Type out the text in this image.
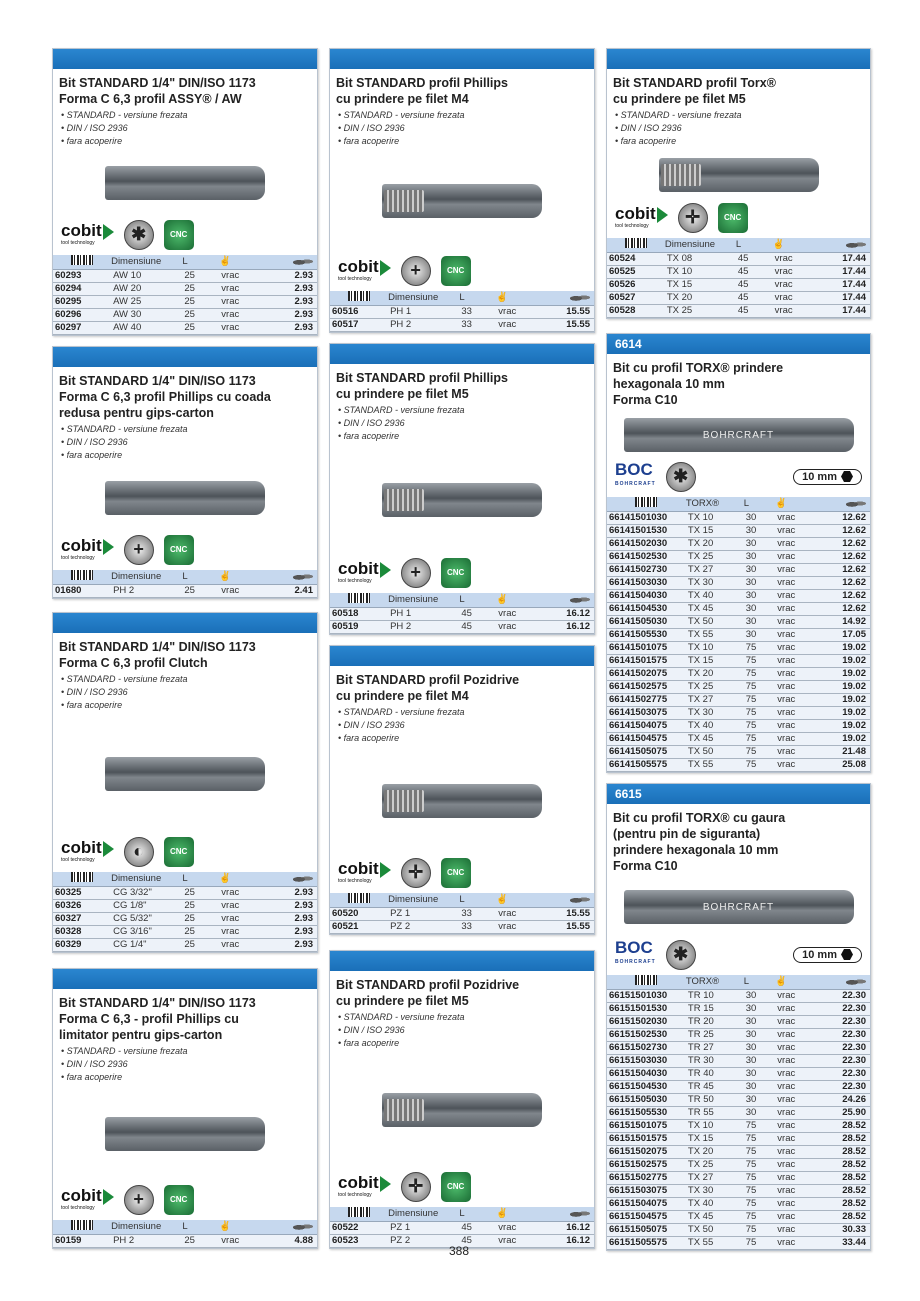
Bit STANDARD 1/4" DIN/ISO 1173
Forma C 6,3 profil ASSY® / AW
• STANDARD - versiune frezata
• DIN / ISO 2936
• fara acoperire
cobit
tool technology	✱	CNC
	Dimensiune	L	✌	

60293	AW 10	25	vrac	2.93
60294	AW 20	25	vrac	2.93
60295	AW 25	25	vrac	2.93
60296	AW 30	25	vrac	2.93
60297	AW 40	25	vrac	2.93
Bit STANDARD 1/4" DIN/ISO 1173
Forma C 6,3 profil Phillips cu coada
redusa pentru gips-carton
• STANDARD - versiune frezata
• DIN / ISO 2936
• fara acoperire
cobit
tool technology	+	CNC
	Dimensiune	L	✌	

01680	PH 2	25	vrac	2.41
Bit STANDARD 1/4" DIN/ISO 1173
Forma C 6,3 profil Clutch
• STANDARD - versiune frezata
• DIN / ISO 2936
• fara acoperire
cobit
tool technology	◐	CNC
	Dimensiune	L	✌	

60325	CG 3/32"	25	vrac	2.93
60326	CG 1/8"	25	vrac	2.93
60327	CG 5/32"	25	vrac	2.93
60328	CG 3/16"	25	vrac	2.93
60329	CG 1/4"	25	vrac	2.93
Bit STANDARD 1/4" DIN/ISO 1173
Forma C 6,3 - profil Phillips cu
limitator pentru gips-carton
• STANDARD - versiune frezata
• DIN / ISO 2936
• fara acoperire
cobit
tool technology	+	CNC
	Dimensiune	L	✌	

60159	PH 2	25	vrac	4.88
Bit STANDARD profil Phillips
cu prindere pe filet M4
• STANDARD - versiune frezata
• DIN / ISO 2936
• fara acoperire
cobit
tool technology	+	CNC
	Dimensiune	L	✌	

60516	PH 1	33	vrac	15.55
60517	PH 2	33	vrac	15.55
Bit STANDARD profil Phillips
cu prindere pe filet M5
• STANDARD - versiune frezata
• DIN / ISO 2936
• fara acoperire
cobit
tool technology	+	CNC
	Dimensiune	L	✌	

60518	PH 1	45	vrac	16.12
60519	PH 2	45	vrac	16.12
Bit STANDARD profil Pozidrive
cu prindere pe filet M4
• STANDARD - versiune frezata
• DIN / ISO 2936
• fara acoperire
cobit
tool technology	✛	CNC
	Dimensiune	L	✌	

60520	PZ 1	33	vrac	15.55
60521	PZ 2	33	vrac	15.55
Bit STANDARD profil Pozidrive
cu prindere pe filet M5
• STANDARD - versiune frezata
• DIN / ISO 2936
• fara acoperire
cobit
tool technology	✛	CNC
	Dimensiune	L	✌	

60522	PZ 1	45	vrac	16.12
60523	PZ 2	45	vrac	16.12
Bit STANDARD profil Torx®
cu prindere pe filet M5
• STANDARD - versiune frezata
• DIN / ISO 2936
• fara acoperire
cobit
tool technology	✛	CNC
	Dimensiune	L	✌	

60524	TX 08	45	vrac	17.44
60525	TX 10	45	vrac	17.44
60526	TX 15	45	vrac	17.44
60527	TX 20	45	vrac	17.44
60528	TX 25	45	vrac	17.44
6614
Bit cu profil TORX® prindere
hexagonala 10 mm
Forma C10
BOHRCRAFT
BOC
BOHRCRAFT ✱	10 mm
	TORX®	L	✌	

66141501030	TX 10	30	vrac	12.62
66141501530	TX 15	30	vrac	12.62
66141502030	TX 20	30	vrac	12.62
66141502530	TX 25	30	vrac	12.62
66141502730	TX 27	30	vrac	12.62
66141503030	TX 30	30	vrac	12.62
66141504030	TX 40	30	vrac	12.62
66141504530	TX 45	30	vrac	12.62
66141505030	TX 50	30	vrac	14.92
66141505530	TX 55	30	vrac	17.05
66141501075	TX 10	75	vrac	19.02
66141501575	TX 15	75	vrac	19.02
66141502075	TX 20	75	vrac	19.02
66141502575	TX 25	75	vrac	19.02
66141502775	TX 27	75	vrac	19.02
66141503075	TX 30	75	vrac	19.02
66141504075	TX 40	75	vrac	19.02
66141504575	TX 45	75	vrac	19.02
66141505075	TX 50	75	vrac	21.48
66141505575	TX 55	75	vrac	25.08
6615
Bit cu profil TORX® cu gaura
(pentru pin de siguranta)
prindere hexagonala 10 mm
Forma C10
BOHRCRAFT
BOC
BOHRCRAFT ✱	10 mm
	TORX®	L	✌	

66151501030	TR 10	30	vrac	22.30
66151501530	TR 15	30	vrac	22.30
66151502030	TR 20	30	vrac	22.30
66151502530	TR 25	30	vrac	22.30
66151502730	TR 27	30	vrac	22.30
66151503030	TR 30	30	vrac	22.30
66151504030	TR 40	30	vrac	22.30
66151504530	TR 45	30	vrac	22.30
66151505030	TR 50	30	vrac	24.26
66151505530	TR 55	30	vrac	25.90
66151501075	TX 10	75	vrac	28.52
66151501575	TX 15	75	vrac	28.52
66151502075	TX 20	75	vrac	28.52
66151502575	TX 25	75	vrac	28.52
66151502775	TX 27	75	vrac	28.52
66151503075	TX 30	75	vrac	28.52
66151504075	TX 40	75	vrac	28.52
66151504575	TX 45	75	vrac	28.52
66151505075	TX 50	75	vrac	30.33
66151505575	TX 55	75	vrac	33.44
388
